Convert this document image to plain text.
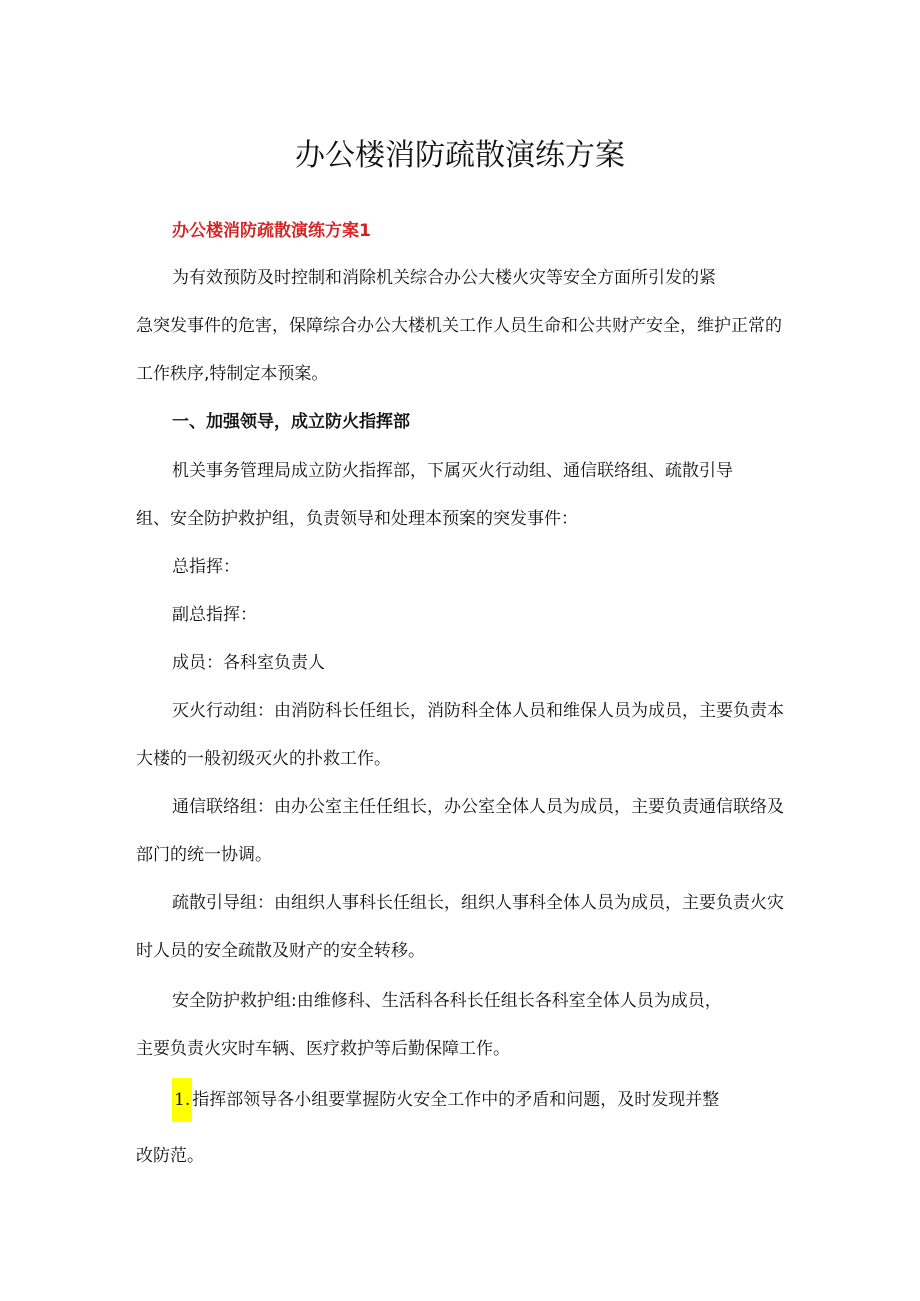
办公楼消防疏散演练方案

办公楼消防疏散演练方案1

为有效预防及时控制和消除机关综合办公大楼火灾等安全方面所引发的紧

急突发事件的危害，保障综合办公大楼机关工作人员生命和公共财产安全，维护正常的

工作秩序,特制定本预案。

一、加强领导，成立防火指挥部

机关事务管理局成立防火指挥部，下属灭火行动组、通信联络组、疏散引导

组、安全防护救护组，负责领导和处理本预案的突发事件：

总指挥：

副总指挥：

成员：各科室负责人

灭火行动组：由消防科长任组长，消防科全体人员和维保人员为成员，主要负责本

大楼的一般初级灭火的扑救工作。

通信联络组：由办公室主任任组长，办公室全体人员为成员，主要负责通信联络及

部门的统一协调。

疏散引导组：由组织人事科长任组长，组织人事科全体人员为成员，主要负责火灾

时人员的安全疏散及财产的安全转移。

安全防护救护组:由维修科、生活科各科长任组长各科室全体人员为成员，

主要负责火灾时车辆、医疗救护等后勤保障工作。

1. 指挥部领导各小组要掌握防火安全工作中的矛盾和问题，及时发现并整

改防范。
